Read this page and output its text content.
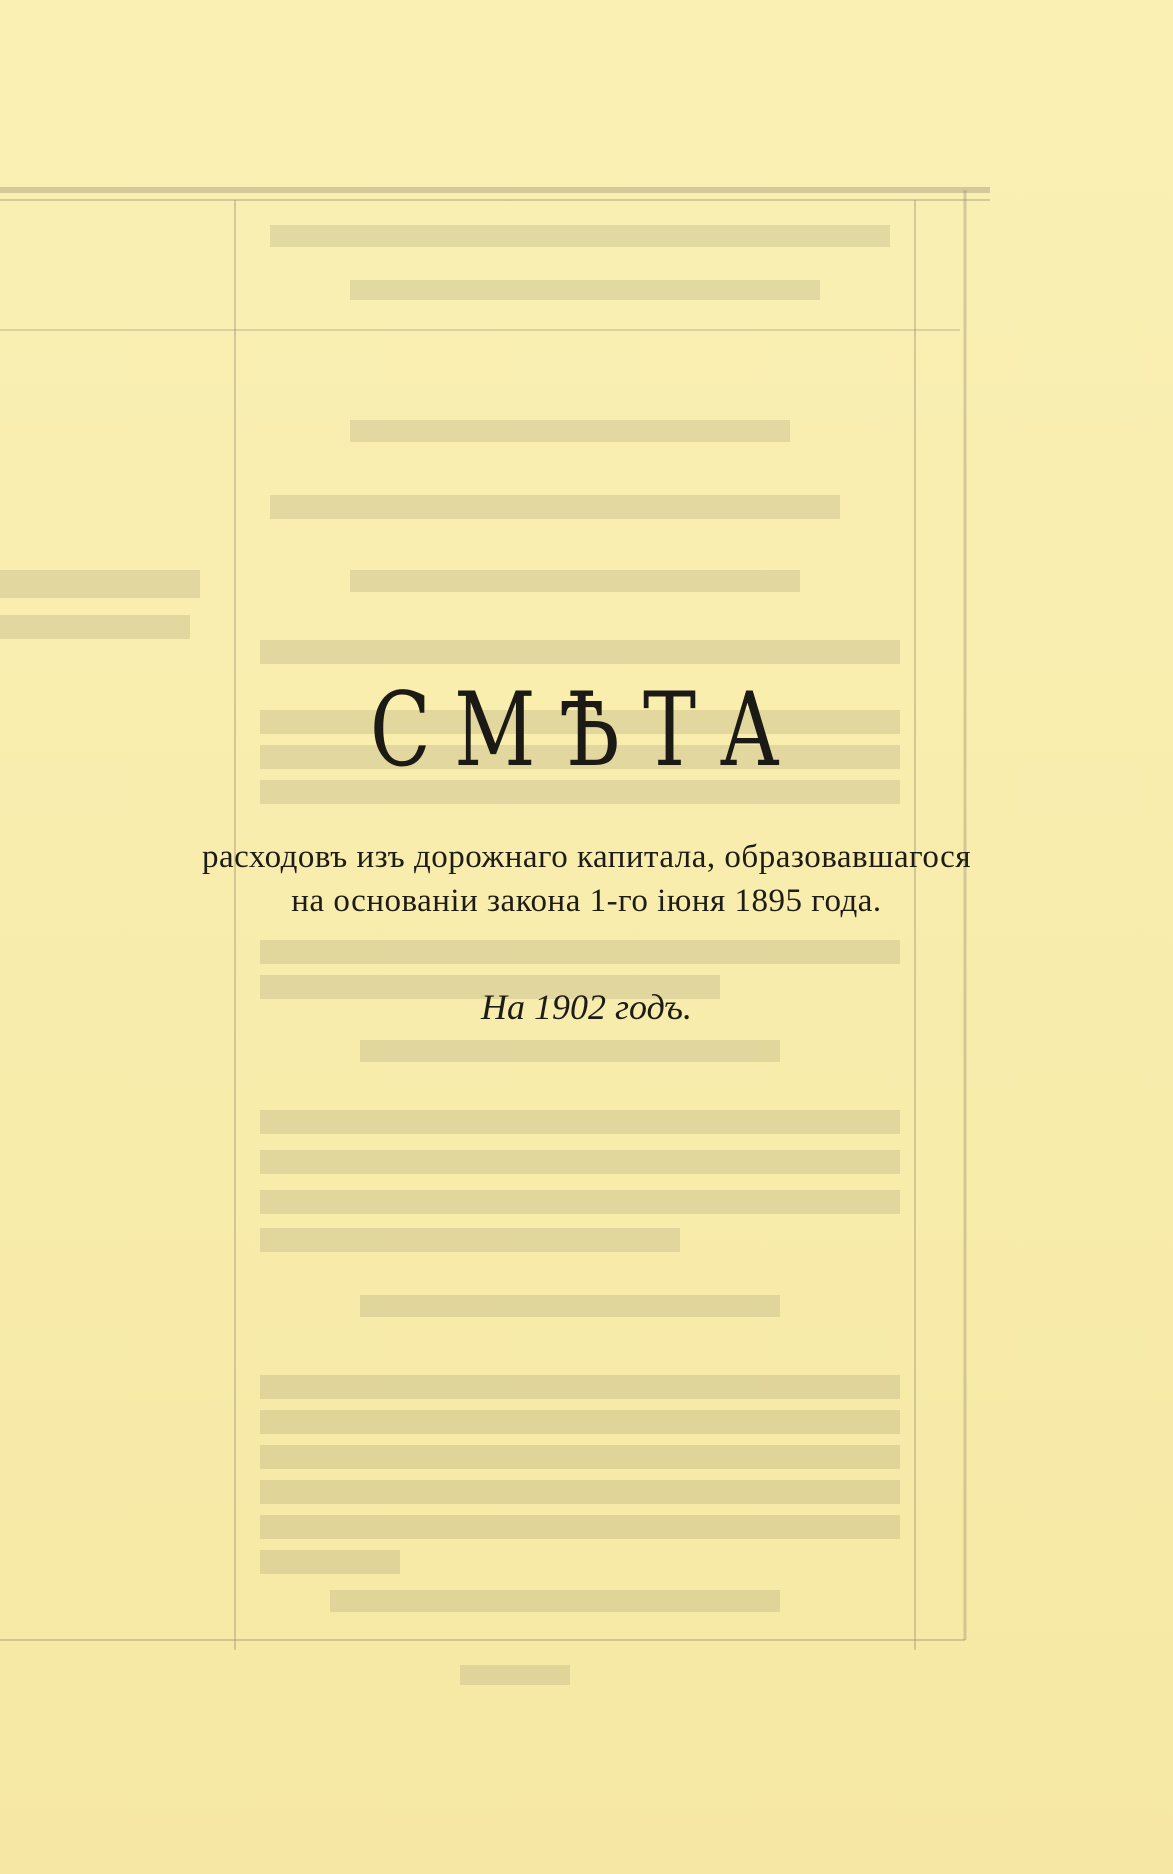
СМѢТА
расходовъ изъ дорожнаго капитала, образовавшагося
на основаніи закона 1-го іюня 1895 года.
На 1902 годъ.
